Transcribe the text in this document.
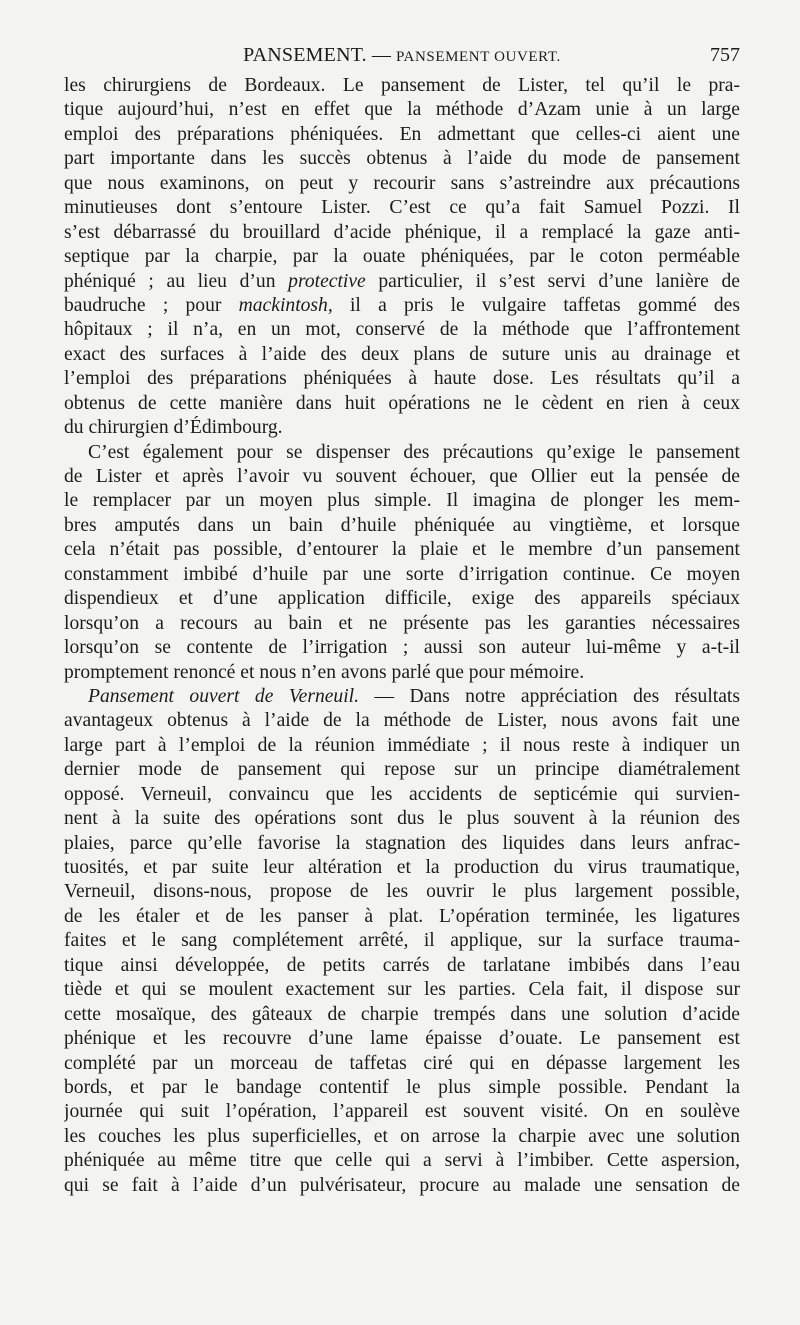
PANSEMENT. — PANSEMENT OUVERT.	757
les chirurgiens de Bordeaux. Le pansement de Lister, tel qu’il le pra-
tique aujourd’hui, n’est en effet que la méthode d’Azam unie à un large
emploi des préparations phéniquées. En admettant que celles-ci aient une
part importante dans les succès obtenus à l’aide du mode de pansement
que nous examinons, on peut y recourir sans s’astreindre aux précautions
minutieuses dont s’entoure Lister. C’est ce qu’a fait Samuel Pozzi. Il
s’est débarrassé du brouillard d’acide phénique, il a remplacé la gaze anti-
septique par la charpie, par la ouate phéniquées, par le coton perméable
phéniqué ; au lieu d’un protective particulier, il s’est servi d’une lanière de
baudruche ; pour mackintosh, il a pris le vulgaire taffetas gommé des
hôpitaux ; il n’a, en un mot, conservé de la méthode que l’affrontement
exact des surfaces à l’aide des deux plans de suture unis au drainage et
l’emploi des préparations phéniquées à haute dose. Les résultats qu’il a
obtenus de cette manière dans huit opérations ne le cèdent en rien à ceux
du chirurgien d’Édimbourg.
C’est également pour se dispenser des précautions qu’exige le pansement
de Lister et après l’avoir vu souvent échouer, que Ollier eut la pensée de
le remplacer par un moyen plus simple. Il imagina de plonger les mem-
bres amputés dans un bain d’huile phéniquée au vingtième, et lorsque
cela n’était pas possible, d’entourer la plaie et le membre d’un pansement
constamment imbibé d’huile par une sorte d’irrigation continue. Ce moyen
dispendieux et d’une application difficile, exige des appareils spéciaux
lorsqu’on a recours au bain et ne présente pas les garanties nécessaires
lorsqu’on se contente de l’irrigation ; aussi son auteur lui-même y a-t-il
promptement renoncé et nous n’en avons parlé que pour mémoire.
Pansement ouvert de Verneuil. — Dans notre appréciation des résultats
avantageux obtenus à l’aide de la méthode de Lister, nous avons fait une
large part à l’emploi de la réunion immédiate ; il nous reste à indiquer un
dernier mode de pansement qui repose sur un principe diamétralement
opposé. Verneuil, convaincu que les accidents de septicémie qui survien-
nent à la suite des opérations sont dus le plus souvent à la réunion des
plaies, parce qu’elle favorise la stagnation des liquides dans leurs anfrac-
tuosités, et par suite leur altération et la production du virus traumatique,
Verneuil, disons-nous, propose de les ouvrir le plus largement possible,
de les étaler et de les panser à plat. L’opération terminée, les ligatures
faites et le sang complétement arrêté, il applique, sur la surface trauma-
tique ainsi développée, de petits carrés de tarlatane imbibés dans l’eau
tiède et qui se moulent exactement sur les parties. Cela fait, il dispose sur
cette mosaïque, des gâteaux de charpie trempés dans une solution d’acide
phénique et les recouvre d’une lame épaisse d’ouate. Le pansement est
complété par un morceau de taffetas ciré qui en dépasse largement les
bords, et par le bandage contentif le plus simple possible. Pendant la
journée qui suit l’opération, l’appareil est souvent visité. On en soulève
les couches les plus superficielles, et on arrose la charpie avec une solution
phéniquée au même titre que celle qui a servi à l’imbiber. Cette aspersion,
qui se fait à l’aide d’un pulvérisateur, procure au malade une sensation de
